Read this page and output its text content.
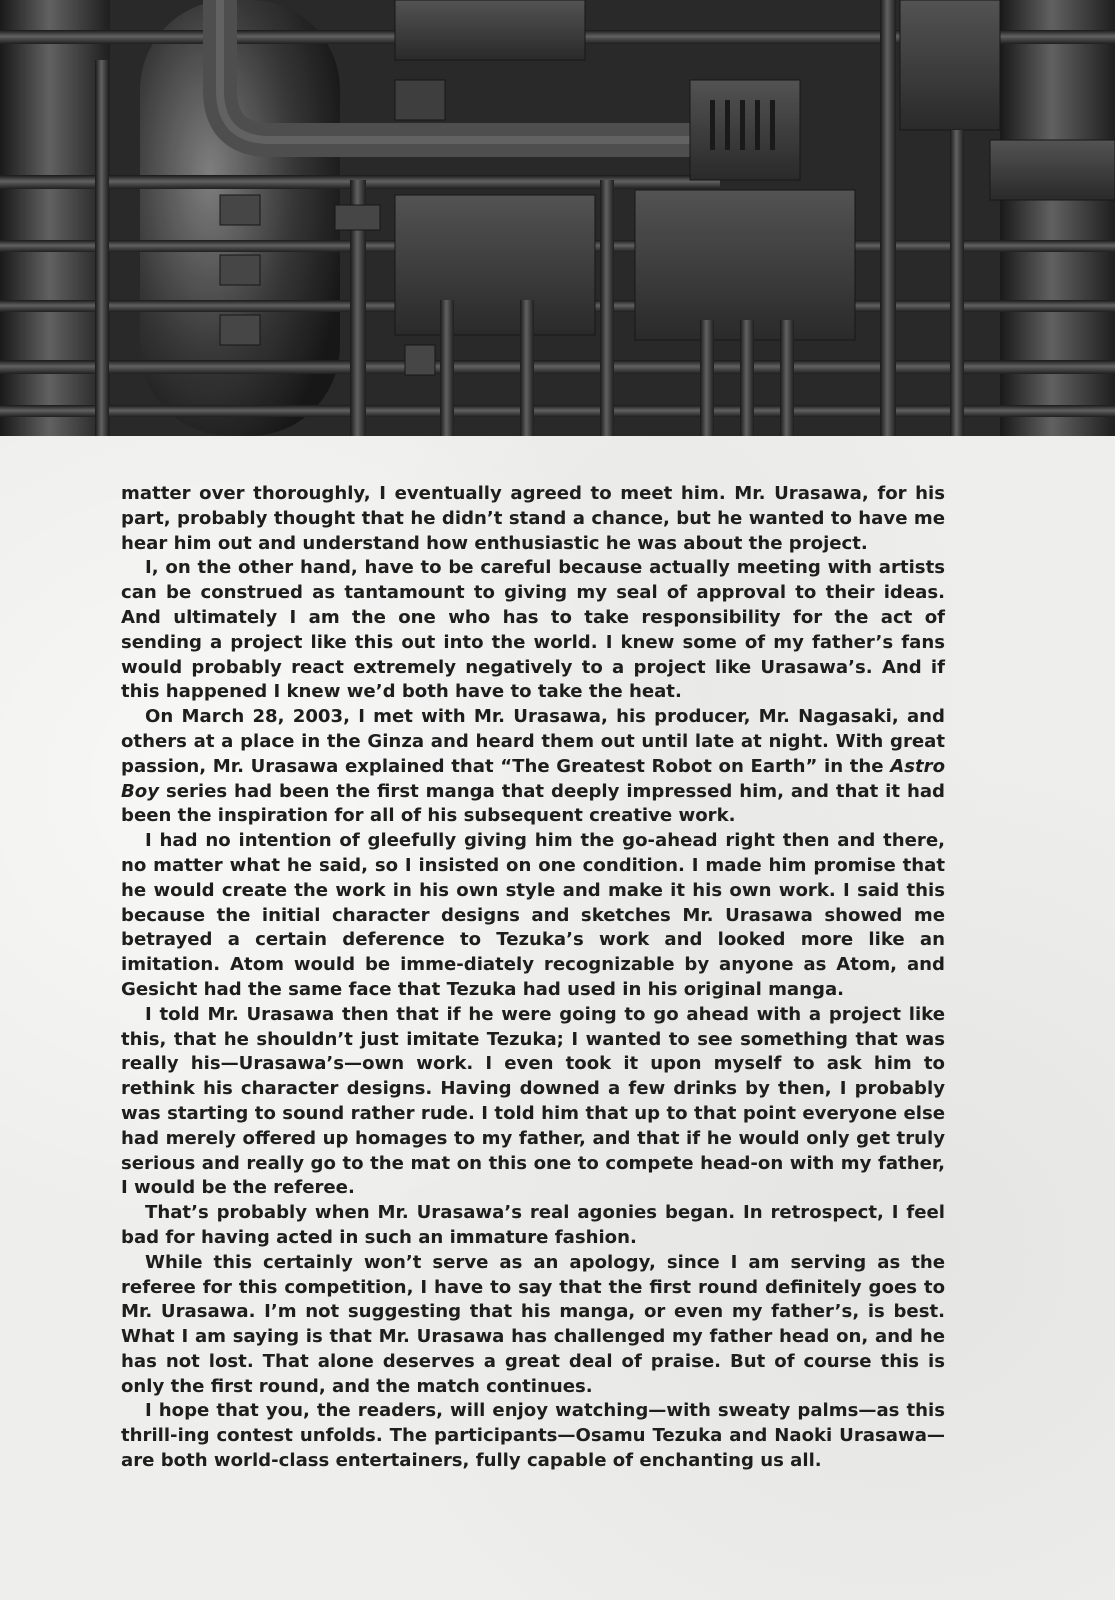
matter over thoroughly, I eventually agreed to meet him. Mr. Urasawa, for his part, probably thought that he didn’t stand a chance, but he wanted to have me hear him out and understand how enthusiastic he was about the project.

I, on the other hand, have to be careful because actually meeting with artists can be construed as tantamount to giving my seal of approval to their ideas. And ultimately I am the one who has to take responsibility for the act of sending a project like this out into the world. I knew some of my father’s fans would probably react extremely negatively to a project like Urasawa’s. And if this happened I knew we’d both have to take the heat.

On March 28, 2003, I met with Mr. Urasawa, his producer, Mr. Nagasaki, and others at a place in the Ginza and heard them out until late at night. With great passion, Mr. Urasawa explained that “The Greatest Robot on Earth” in the Astro Boy series had been the first manga that deeply impressed him, and that it had been the inspiration for all of his subsequent creative work.

I had no intention of gleefully giving him the go-ahead right then and there, no matter what he said, so I insisted on one condition. I made him promise that he would create the work in his own style and make it his own work. I said this because the initial character designs and sketches Mr. Urasawa showed me betrayed a certain deference to Tezuka’s work and looked more like an imitation. Atom would be imme-diately recognizable by anyone as Atom, and Gesicht had the same face that Tezuka had used in his original manga.

I told Mr. Urasawa then that if he were going to go ahead with a project like this, that he shouldn’t just imitate Tezuka; I wanted to see something that was really his—Urasawa’s—own work. I even took it upon myself to ask him to rethink his character designs. Having downed a few drinks by then, I probably was starting to sound rather rude. I told him that up to that point everyone else had merely offered up homages to my father, and that if he would only get truly serious and really go to the mat on this one to compete head-on with my father, I would be the referee.

That’s probably when Mr. Urasawa’s real agonies began. In retrospect, I feel bad for having acted in such an immature fashion.

While this certainly won’t serve as an apology, since I am serving as the referee for this competition, I have to say that the first round definitely goes to Mr. Urasawa. I’m not suggesting that his manga, or even my father’s, is best. What I am saying is that Mr. Urasawa has challenged my father head on, and he has not lost. That alone deserves a great deal of praise. But of course this is only the first round, and the match continues.

I hope that you, the readers, will enjoy watching—with sweaty palms—as this thrill-ing contest unfolds. The participants—Osamu Tezuka and Naoki Urasawa—are both world-class entertainers, fully capable of enchanting us all.
